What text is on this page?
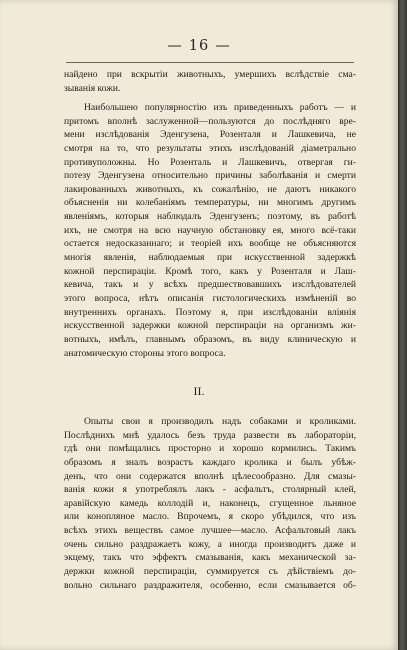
— 16 —
найдено при вскрытіи животныхъ, умершихъ вслѣдствіе сма-
зыванія кожи.
Наибольшею популярностію изъ приведенныхъ работъ — и
притомъ вполнѣ заслуженной—пользуются до послѣдняго вре-
мени изслѣдованія Эденгузена, Розенталя и Лашкевича, не
смотря на то, что результаты этихъ изслѣдованій діаметрально
противуположны. Но Розенталь и Лашкевичъ, отвергая ги-
потезу Эденгузена относительно причины заболѣванія и смерти
лакированныхъ животныхъ, къ сожалѣнію, не даютъ никакого
объясненія ни колебаніямъ температуры, ни многимъ другимъ
явленіямъ, которыя наблюдалъ Эденгузенъ; поэтому, въ работѣ
ихъ, не смотря на всю научную обстановку ея, много всё-таки
остается недосказаннаго; и теоріей ихъ вообще не объясняются
многія явленія, наблюдаемыя при искусственной задержкѣ
кожной перспираціи. Кромѣ того, какъ у Розенталя и Лаш-
кевича, такъ и у всѣхъ предшествовавшихъ изслѣдователей
этого вопроса, нѣтъ описанія гистологическихъ измѣненій во
внутреннихъ органахъ. Поэтому я, при изслѣдованіи вліянія
искусственной задержки кожной перспираціи на организмъ жи-
вотныхъ, имѣлъ, главнымъ образомъ, въ виду клиническую и
анатомическую стороны этого вопроса.
II.
Опыты свои я производилъ надъ собаками и кроликами.
Послѣднихъ мнѣ удалось безъ труда развести въ лабораторіи,
гдѣ они помѣщались просторно и хорошо кормились. Такимъ
образомъ я зналъ возрастъ каждаго кролика и былъ убѣж-
денъ, что они содержатся вполнѣ цѣлесообразно. Для смазы-
ванія кожи я употреблялъ лакъ - асфальтъ, столярный клей,
аравійскую камедь коллодій и, наконецъ, сгущенное льняное
или конопляное масло. Впрочемъ, я скоро убѣдился, что изъ
всѣхъ этихъ веществъ самое лучшее—масло. Асфальтовый лакъ
очень сильно раздражаетъ кожу, а иногда производитъ даже и
экцему, такъ что эффектъ смазыванія, какъ механической за-
держки кожной перспираціи, суммируется съ дѣйствіемъ до-
вольно сильнаго раздражителя, особенно, если смазывается об-
